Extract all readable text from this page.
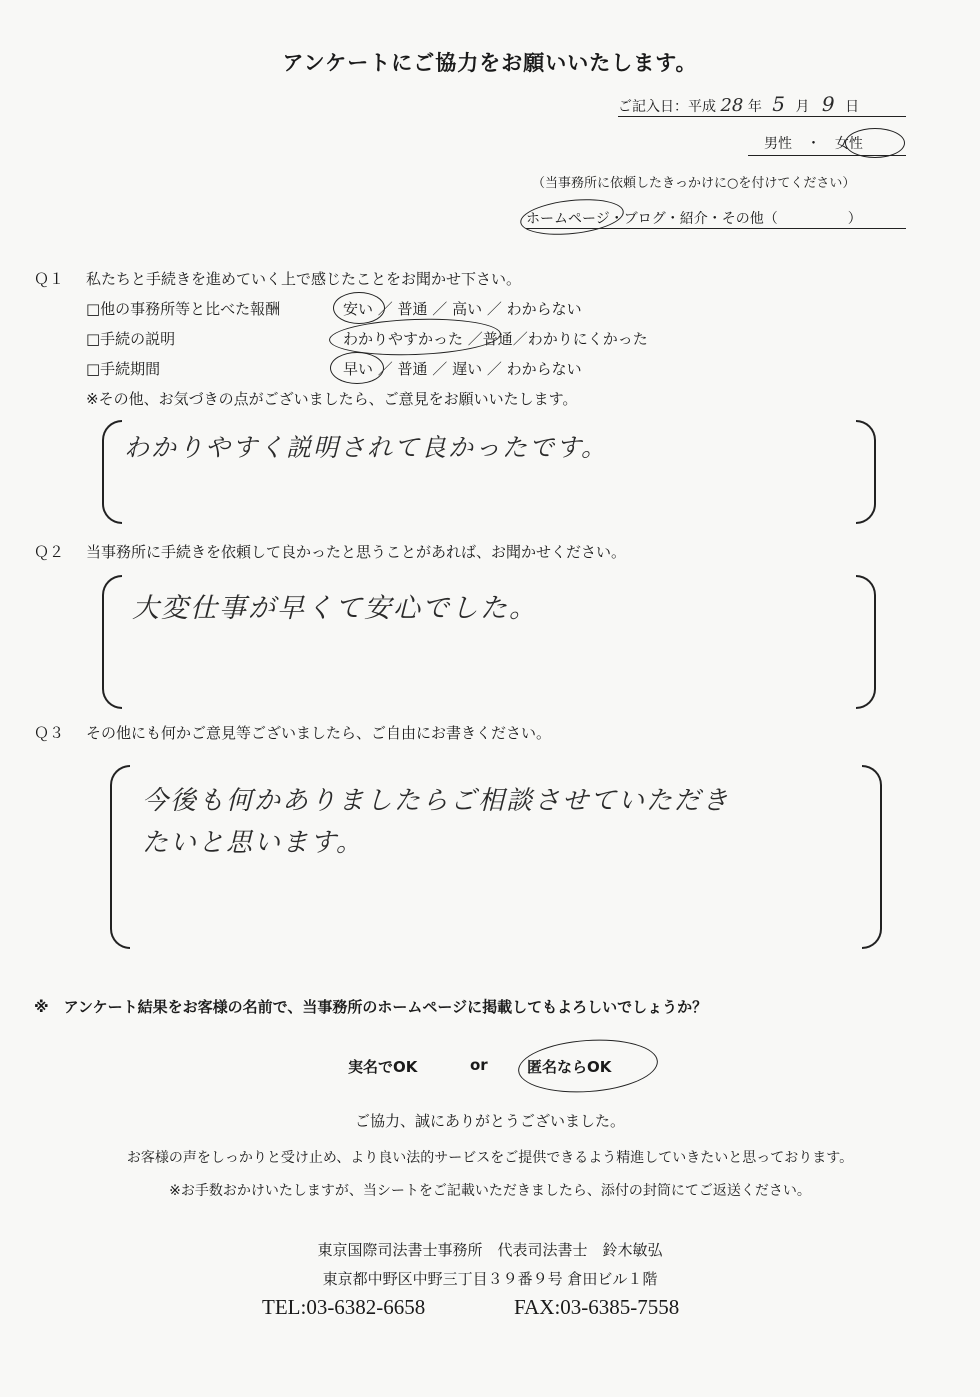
アンケートにご協力をお願いいたします。
ご記入日：平成 28 年 5 月 9 日
男性 ・ 女性
（当事務所に依頼したきっかけに○を付けてください）
ホームページ・ブログ・紹介・その他（　　　　　）
Ｑ１ 私たちと手続きを進めていく上で感じたことをお聞かせ下さい。
□他の事務所等と比べた報酬	安い ／ 普通 ／ 高い ／ わからない
□手続の説明	わかりやすかった ／普通／わかりにくかった
□手続期間	早い ／ 普通 ／ 遅い ／ わからない
※その他、お気づきの点がございましたら、ご意見をお願いいたします。
わかりやすく説明されて良かったです。
Ｑ２ 当事務所に手続きを依頼して良かったと思うことがあれば、お聞かせください。
大変仕事が早くて安心でした。
Ｑ３ その他にも何かご意見等ございましたら、ご自由にお書きください。
今後も何かありましたらご相談させていただき
たいと思います。
※　アンケート結果をお客様の名前で、当事務所のホームページに掲載してもよろしいでしょうか？
実名でOK	or	匿名ならOK
ご協力、誠にありがとうございました。
お客様の声をしっかりと受け止め、より良い法的サービスをご提供できるよう精進していきたいと思っております。
※お手数おかけいたしますが、当シートをご記載いただきましたら、添付の封筒にてご返送ください。
東京国際司法書士事務所　代表司法書士　鈴木敏弘
東京都中野区中野三丁目３９番９号 倉田ビル１階
TEL:03-6382-6658	FAX:03-6385-7558
